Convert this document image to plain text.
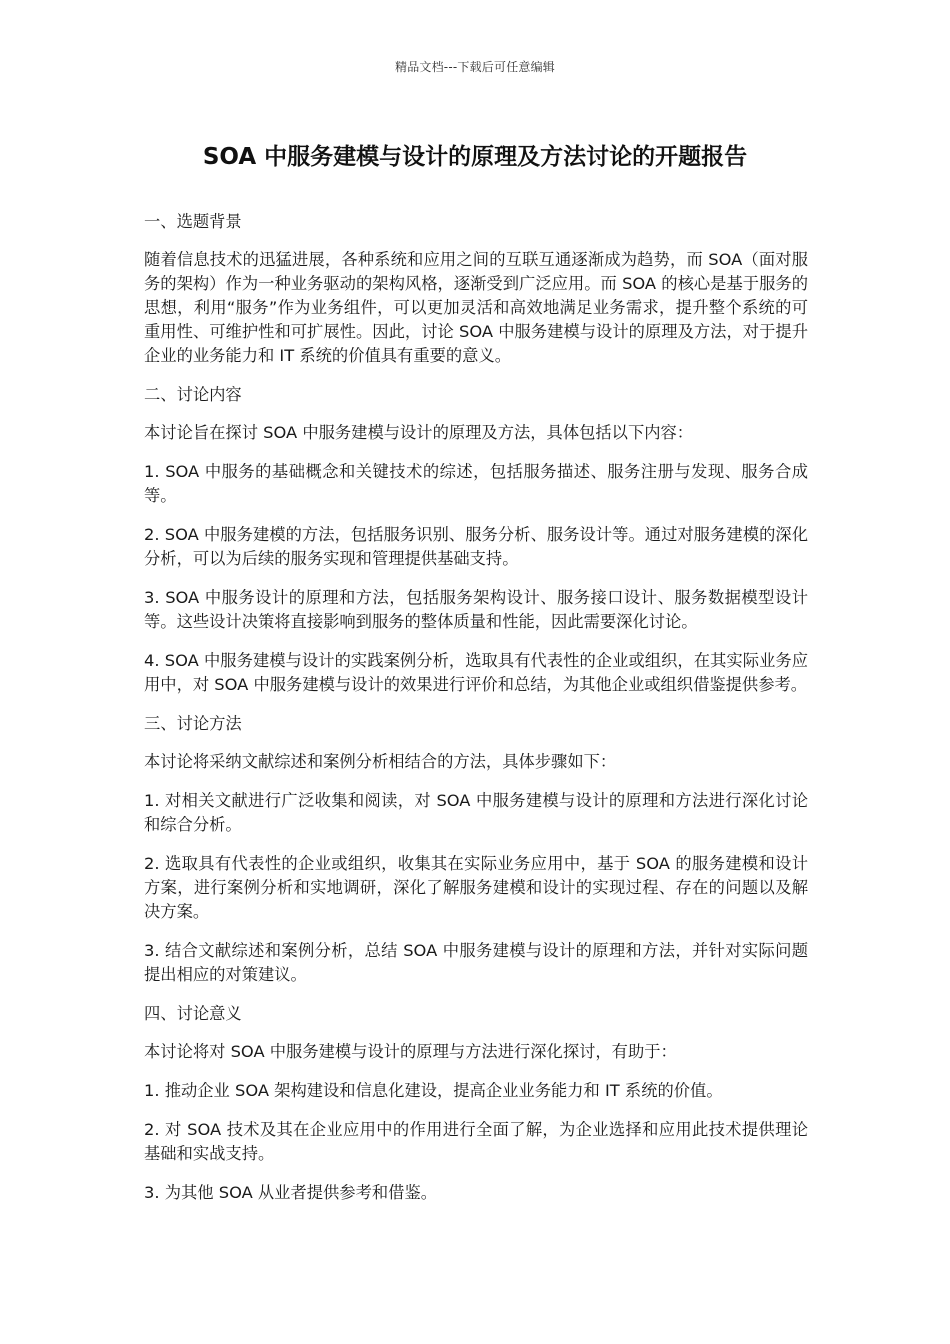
精品文档---下载后可任意编辑
SOA 中服务建模与设计的原理及方法讨论的开题报告

一、选题背景

随着信息技术的迅猛进展，各种系统和应用之间的互联互通逐渐成为趋势，而 SOA（面对服务的架构）作为一种业务驱动的架构风格，逐渐受到广泛应用。而 SOA 的核心是基于服务的思想，利用“服务”作为业务组件，可以更加灵活和高效地满足业务需求，提升整个系统的可重用性、可维护性和可扩展性。因此，讨论 SOA 中服务建模与设计的原理及方法，对于提升企业的业务能力和 IT 系统的价值具有重要的意义。

二、讨论内容

本讨论旨在探讨 SOA 中服务建模与设计的原理及方法，具体包括以下内容：

1. SOA 中服务的基础概念和关键技术的综述，包括服务描述、服务注册与发现、服务合成等。

2. SOA 中服务建模的方法，包括服务识别、服务分析、服务设计等。通过对服务建模的深化分析，可以为后续的服务实现和管理提供基础支持。

3. SOA 中服务设计的原理和方法，包括服务架构设计、服务接口设计、服务数据模型设计等。这些设计决策将直接影响到服务的整体质量和性能，因此需要深化讨论。

4. SOA 中服务建模与设计的实践案例分析，选取具有代表性的企业或组织，在其实际业务应用中，对 SOA 中服务建模与设计的效果进行评价和总结，为其他企业或组织借鉴提供参考。

三、讨论方法

本讨论将采纳文献综述和案例分析相结合的方法，具体步骤如下：

1. 对相关文献进行广泛收集和阅读，对 SOA 中服务建模与设计的原理和方法进行深化讨论和综合分析。

2. 选取具有代表性的企业或组织，收集其在实际业务应用中，基于 SOA 的服务建模和设计方案，进行案例分析和实地调研，深化了解服务建模和设计的实现过程、存在的问题以及解决方案。

3. 结合文献综述和案例分析，总结 SOA 中服务建模与设计的原理和方法，并针对实际问题提出相应的对策建议。

四、讨论意义

本讨论将对 SOA 中服务建模与设计的原理与方法进行深化探讨，有助于：

1. 推动企业 SOA 架构建设和信息化建设，提高企业业务能力和 IT 系统的价值。

2. 对 SOA 技术及其在企业应用中的作用进行全面了解，为企业选择和应用此技术提供理论基础和实战支持。

3. 为其他 SOA 从业者提供参考和借鉴。
